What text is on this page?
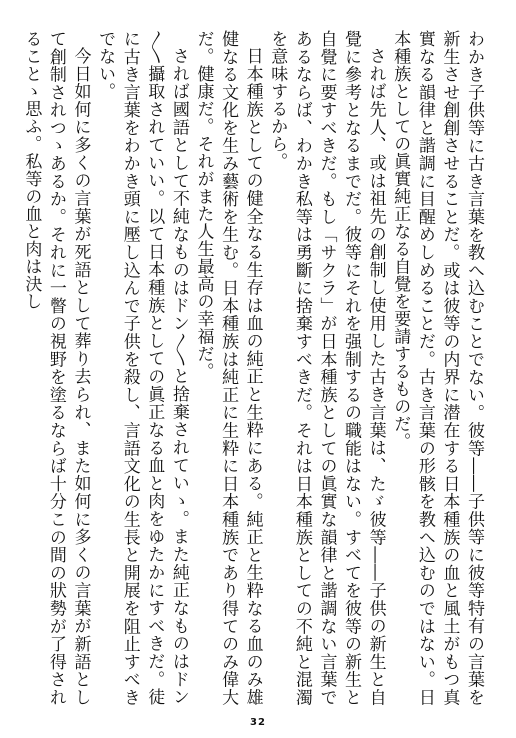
わかき子供等に古き言葉を教へ込むことでない。彼等――子供等に彼等特有の言葉を新生させ創創させることだ。或は彼等の内界に潜在する日本種族の血と風土がもつ真實なる韻律と諧調に目醒めしめることだ。古き言葉の形骸を教へ込むのではない。日本種族としての眞實純正なる自覺を要請するものだ。

されば先人、或は祖先の創制し使用した古き言葉は、たゞ彼等――子供の新生と自覺に參考となるまでだ。彼等にそれを强制するの職能はない。すべてを彼等の新生と自覺に要すべきだ。もし「サクラ」が日本種族としての眞實な韻律と諧調ない言葉であるならば、わかき私等は勇斷に捨棄すべきだ。それは日本種族としての不純と混濁を意味するから。

日本種族としての健全なる生存は血の純正と生粋にある。純正と生粋なる血のみ雄健なる文化を生み藝術を生む。日本種族は純正に生粋に日本種族であり得てのみ偉大だ。健康だ。それがまた人生最高の幸福だ。

されば國語として不純なものはドン〳〵と捨棄されていゝ。また純正なものはドン〳〵攝取されていい。以て日本種族としての眞正なる血と肉をゆたかにすべきだ。徒に古き言葉をわかき頭に壓し込んで子供を殺し、言語文化の生長と開展を阻止すべきでない。

今日如何に多くの言葉が死語として葬り去られ、また如何に多くの言葉が新語として創制されつゝあるか。それに一瞥の視野を塗るならば十分この間の狀勢が了得されることゝ思ふ。私等の血と肉は決し

32
